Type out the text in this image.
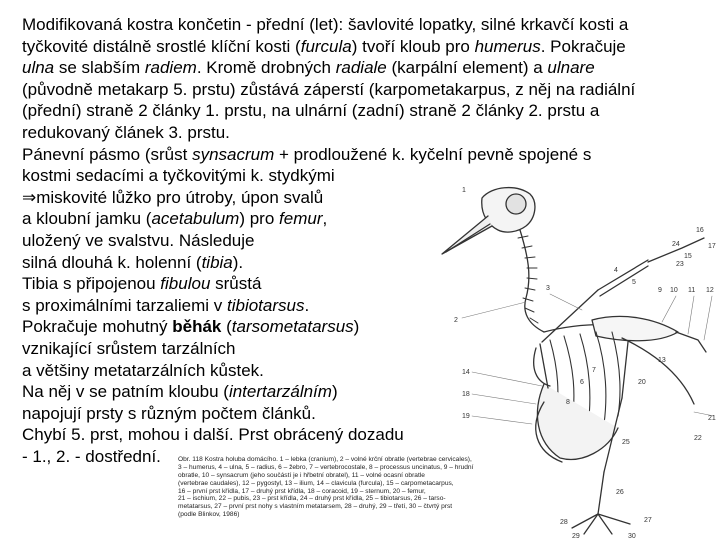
Modifikovaná kostra končetin - přední (let): šavlovité lopatky, silné krkavčí kosti a
tyčkovité distálně srostlé klíční kosti (furcula) tvoří kloub pro humerus. Pokračuje
ulna se slabším radiem. Kromě drobných radiale (karpální element) a ulnare
(původně metakarp 5. prstu) zůstává záperstí (karpometakarpus, z něj na radiální
(přední) straně 2 články 1. prstu, na ulnární (zadní) straně 2 články 2. prstu a
redukovaný článek 3. prstu.
Pánevní pásmo (srůst synsacrum + prodloužené k. kyčelní pevně spojené s
kostmi sedacími a tyčkovitými k. stydkými
⇒miskovité lůžko pro útroby, úpon svalů
a kloubní jamku (acetabulum) pro femur,
uložený ve svalstvu. Následuje
silná dlouhá k. holenní (tibia).
Tibia s připojenou fibulou srůstá
s proximálními tarzaliemi v tibiotarsus.
Pokračuje mohutný běhák (tarsometatarsus)
vznikající srůstem tarzálních
a většiny metatarzálních kůstek.
Na něj v se patním kloubu (intertarzálním)
napojují prsty s různým počtem článků.
Chybí 5. prst, mohou i další. Prst obrácený dozadu
- 1., 2. - dostřední.
1
2
3
4
5
6
7
8
9 10 11 12
13
14
15
16
17
18
19
20
21
22
23
24
25
26
27
28
29	30
Obr. 118 Kostra holuba domácího. 1 – lebka (cranium), 2 – volné krční obratle (vertebrae cervicales),
3 – humerus, 4 – ulna, 5 – radius, 6 – žebro, 7 – vertebrocostale, 8 – processus uncinatus, 9 – hrudní
obratle, 10 – synsacrum (jeho součástí je i hřbetní obratel), 11 – volné ocasní obratle
(vertebrae caudales), 12 – pygostyl, 13 – ilium, 14 – clavicula (furcula), 15 – carpometacarpus,
16 – první prst křídla, 17 – druhý prst křídla, 18 – coracoid, 19 – sternum, 20 – femur,
21 – ischium, 22 – pubis, 23 – prst křídla, 24 – druhý prst křídla, 25 – tibiotarsus, 26 – tarso-
metatarsus, 27 – první prst nohy s vlastním metatarsem, 28 – druhý, 29 – třetí, 30 – čtvrtý prst
(podle Blinkov, 1986)
